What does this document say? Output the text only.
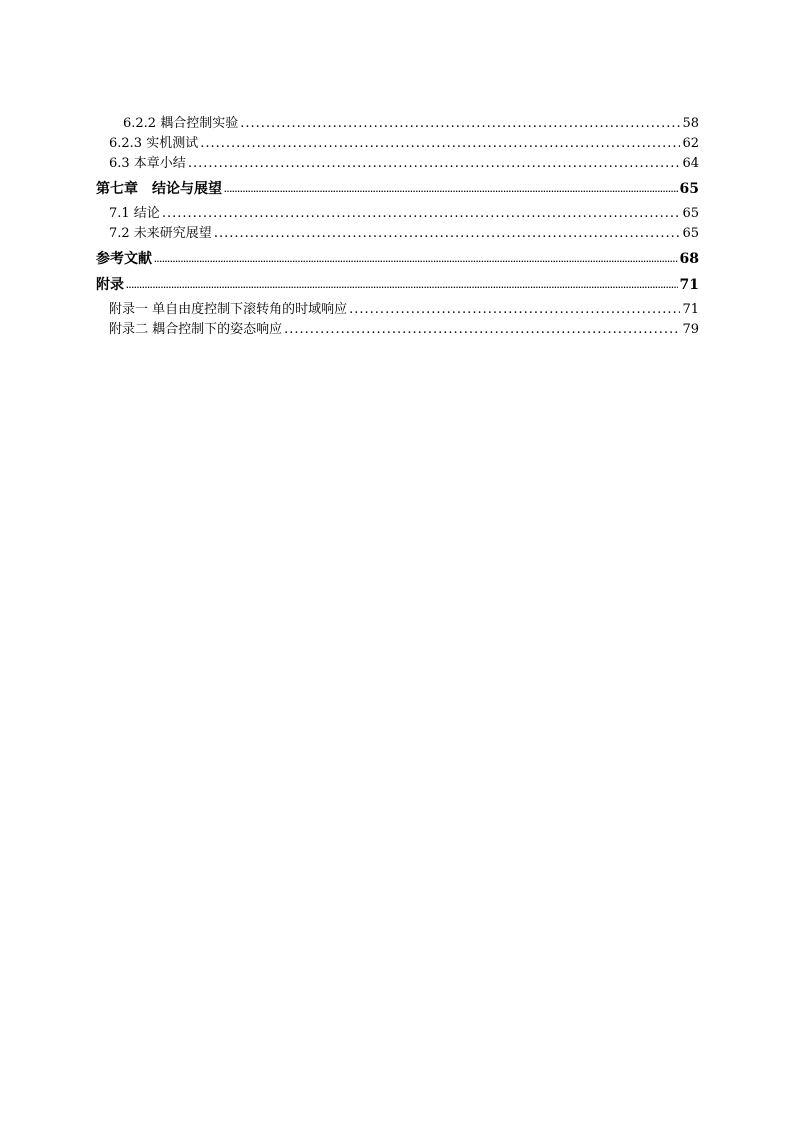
6.2.2 耦合控制实验 .....	58
6.2.3 实机测试 .....	62
6.3 本章小结 .....	64
第七章　结论与展望 .....	65
7.1 结论 .....	65
7.2 未来研究展望 .....	65
参考文献 .....	68
附录 .....	71
附录一 单自由度控制下滚转角的时域响应 .....	71
附录二 耦合控制下的姿态响应 .....	79
